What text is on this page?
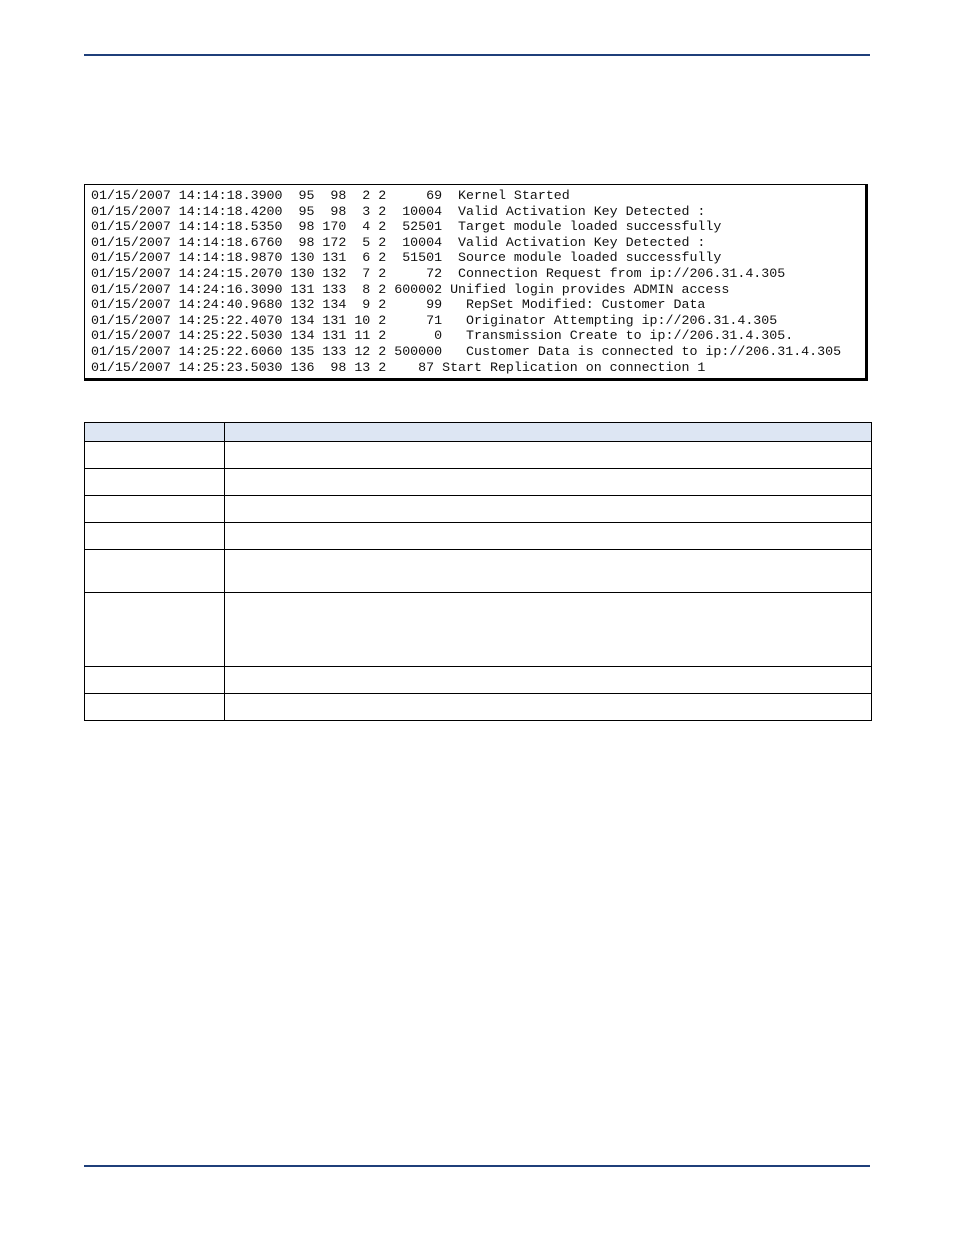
01/15/2007 14:14:18.3900  95  98  2 2     69  Kernel Started
01/15/2007 14:14:18.4200  95  98  3 2  10004  Valid Activation Key Detected :
01/15/2007 14:14:18.5350  98 170  4 2  52501  Target module loaded successfully
01/15/2007 14:14:18.6760  98 172  5 2  10004  Valid Activation Key Detected :
01/15/2007 14:14:18.9870 130 131  6 2  51501  Source module loaded successfully
01/15/2007 14:24:15.2070 130 132  7 2     72  Connection Request from ip://206.31.4.305
01/15/2007 14:24:16.3090 131 133  8 2 600002 Unified login provides ADMIN access
01/15/2007 14:24:40.9680 132 134  9 2     99   RepSet Modified: Customer Data
01/15/2007 14:25:22.4070 134 131 10 2     71   Originator Attempting ip://206.31.4.305
01/15/2007 14:25:22.5030 134 131 11 2      0   Transmission Create to ip://206.31.4.305.
01/15/2007 14:25:22.6060 135 133 12 2 500000   Customer Data is connected to ip://206.31.4.305
01/15/2007 14:25:23.5030 136  98 13 2    87 Start Replication on connection 1
